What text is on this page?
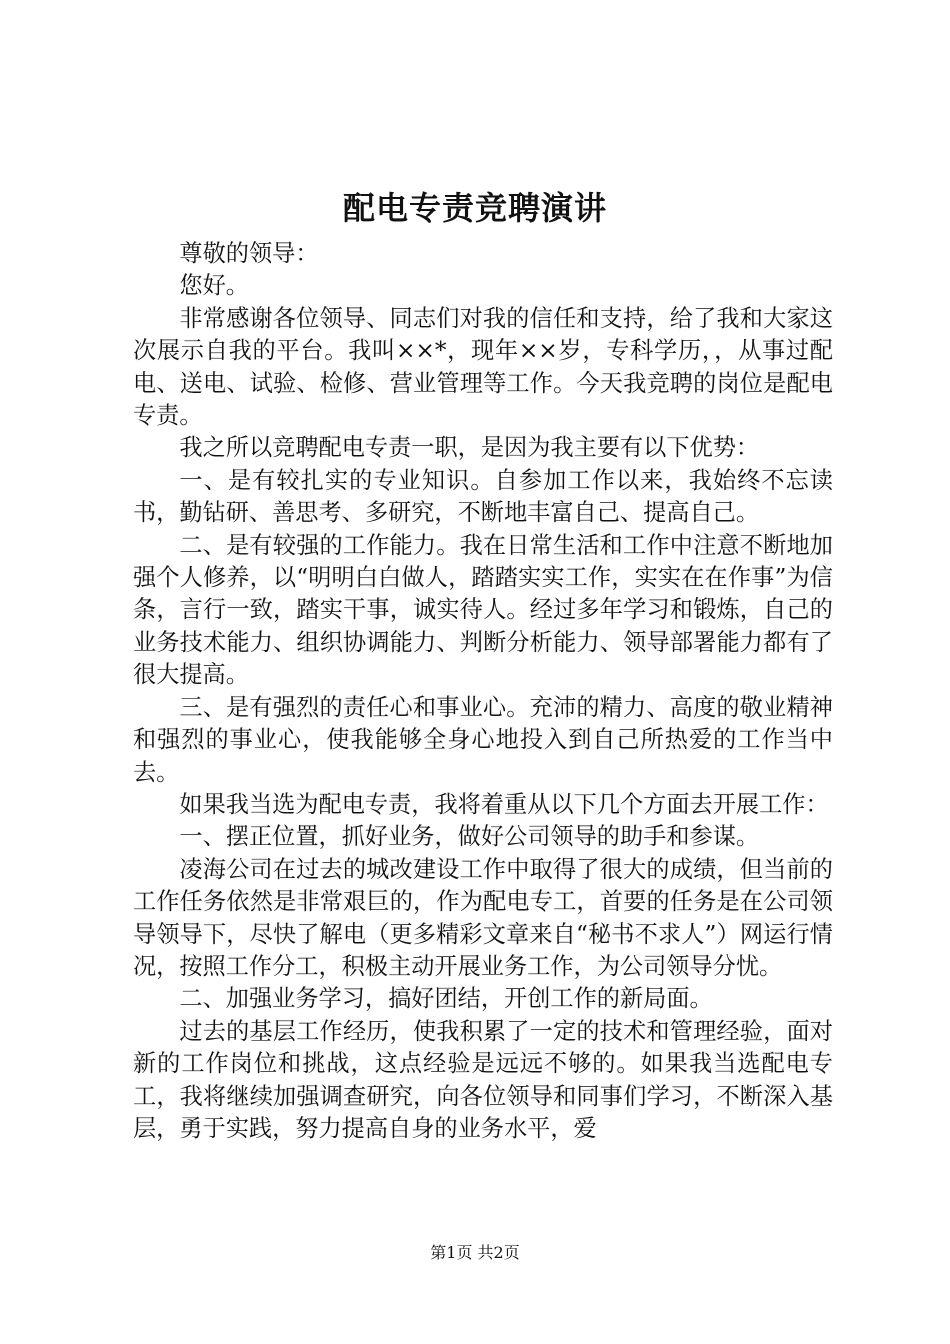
配电专责竞聘演讲

尊敬的领导：

您好。

非常感谢各位领导、同志们对我的信任和支持，给了我和大家这次展示自我的平台。我叫××*，现年××岁，专科学历，，从事过配电、送电、试验、检修、营业管理等工作。今天我竞聘的岗位是配电专责。

我之所以竞聘配电专责一职，是因为我主要有以下优势：

一、是有较扎实的专业知识。自参加工作以来，我始终不忘读书，勤钻研、善思考、多研究，不断地丰富自己、提高自己。

二、是有较强的工作能力。我在日常生活和工作中注意不断地加强个人修养，以“明明白白做人，踏踏实实工作，实实在在作事”为信条，言行一致，踏实干事，诚实待人。经过多年学习和锻炼，自己的业务技术能力、组织协调能力、判断分析能力、领导部署能力都有了很大提高。

三、是有强烈的责任心和事业心。充沛的精力、高度的敬业精神和强烈的事业心，使我能够全身心地投入到自己所热爱的工作当中去。

如果我当选为配电专责，我将着重从以下几个方面去开展工作：

一、摆正位置，抓好业务，做好公司领导的助手和参谋。

凌海公司在过去的城改建设工作中取得了很大的成绩，但当前的工作任务依然是非常艰巨的，作为配电专工，首要的任务是在公司领导领导下，尽快了解电（更多精彩文章来自“秘书不求人”）网运行情况，按照工作分工，积极主动开展业务工作，为公司领导分忧。

二、加强业务学习，搞好团结，开创工作的新局面。

过去的基层工作经历，使我积累了一定的技术和管理经验，面对新的工作岗位和挑战，这点经验是远远不够的。如果我当选配电专工，我将继续加强调查研究，向各位领导和同事们学习，不断深入基层，勇于实践，努力提高自身的业务水平，爱

第1页 共2页
